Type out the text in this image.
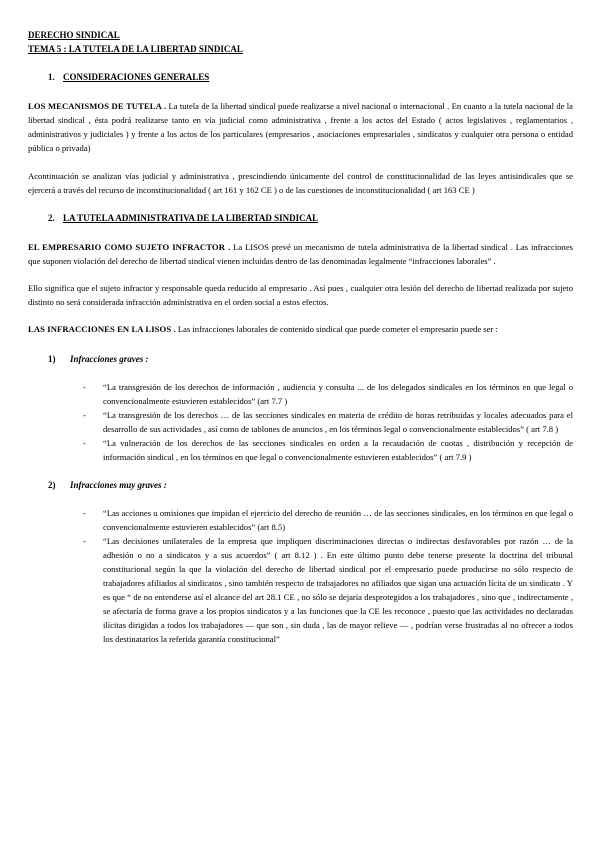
DERECHO SINDICAL
TEMA 5 : LA TUTELA DE LA LIBERTAD SINDICAL
1. CONSIDERACIONES GENERALES

LOS MECANISMOS DE TUTELA . La tutela de la libertad sindical puede realizarse a nivel nacional o internacional . En cuanto a la tutela nacional de la libertad sindical , ésta podrá realizarse tanto en vía judicial como administrativa , frente a los actos del Estado ( actos legislativos , reglamentarios , administrativos y judiciales ) y frente a los actos de los particulares (empresarios , asociaciones empresariales , sindicatos y cualquier otra persona o entidad pública o privada)

Acontinuación se analizan vías judicial y administrativa , prescindiendo únicamente del control de constitucionalidad de las leyes antisindicales que se ejercerá a través del recurso de inconstitucionalidad ( art 161 y 162 CE ) o de las cuestiones de inconstitucionalidad ( art 163 CE )

2. LA TUTELA ADMINISTRATIVA DE LA LIBERTAD SINDICAL

EL EMPRESARIO COMO SUJETO INFRACTOR . La LISOS prevé un mecanismo de tutela administrativa de la libertad sindical . Las infracciones que suponen violación del derecho de libertad sindical vienen incluidas dentro de las denominadas legalmente “infracciones laborales” .

Ello significa que el sujeto infractor y responsable queda reducido al empresario . Así pues , cualquier otra lesión del derecho de libertad realizada por sujeto distinto no será considerada infracción administrativa en el orden social a estos efectos.

LAS INFRACCIONES EN LA LISOS . Las infracciones laborales de contenido sindical que puede cometer el empresario puede ser :

1) Infracciones graves :
- “La transgresión de los derechos de información , audiencia y consulta ... de los delegados sindicales en los términos en que legal o convencionalmente estuvieren establecidos” (art 7.7 )
- “La transgresión de los derechos … de las secciones sindicales en materia de crédito de horas retribuidas y locales adecuados para el desarrollo de sus actividades , así como de tablones de anuncios , en los términos legal o convencionalmente establecidos” ( art 7.8 )
- “La vulneración de los derechos de las secciones sindicales en orden a la recaudación de cuotas , distribución y recepción de información sindical , en los términos en que legal o convencionalmente estuvieren establecidos” ( art 7.9 )
2) Infracciones muy graves :
- “Las acciones u omisiones que impidan el ejercicio del derecho de reunión … de las secciones sindicales, en los términos en que legal o convencionalmente estuvieren establecidos” (art 8.5)
- “Las decisiones unilaterales de la empresa que impliquen discriminaciones directas o indirectas desfavorables por razón … de la adhesión o no a sindicatos y a sus acuerdos” ( art 8.12 ) . En este último punto debe tenerse presente la doctrina del tribunal constitucional según la que la violación del derecho de libertad sindical por el empresario puede producirse no sólo respecto de trabajadores afiliados al sindicatos , sino también respecto de trabajadores no afiliados que sigan una actuación lícita de un sindicato . Y es que “ de no entenderse así el alcance del art 28.1 CE , no sólo se dejaría desprotegidos a los trabajadores , sino que , indirectamente , se afectaría de forma grave a los propios sindicatos y a las funciones que la CE les reconoce , puesto que las actividades no declaradas ilícitas dirigidas a todos los trabajadores — que son , sin duda , las de mayor relieve — , podrían verse frustradas al no ofrecer a todos los destinatarios la referida garantía constitucional”
